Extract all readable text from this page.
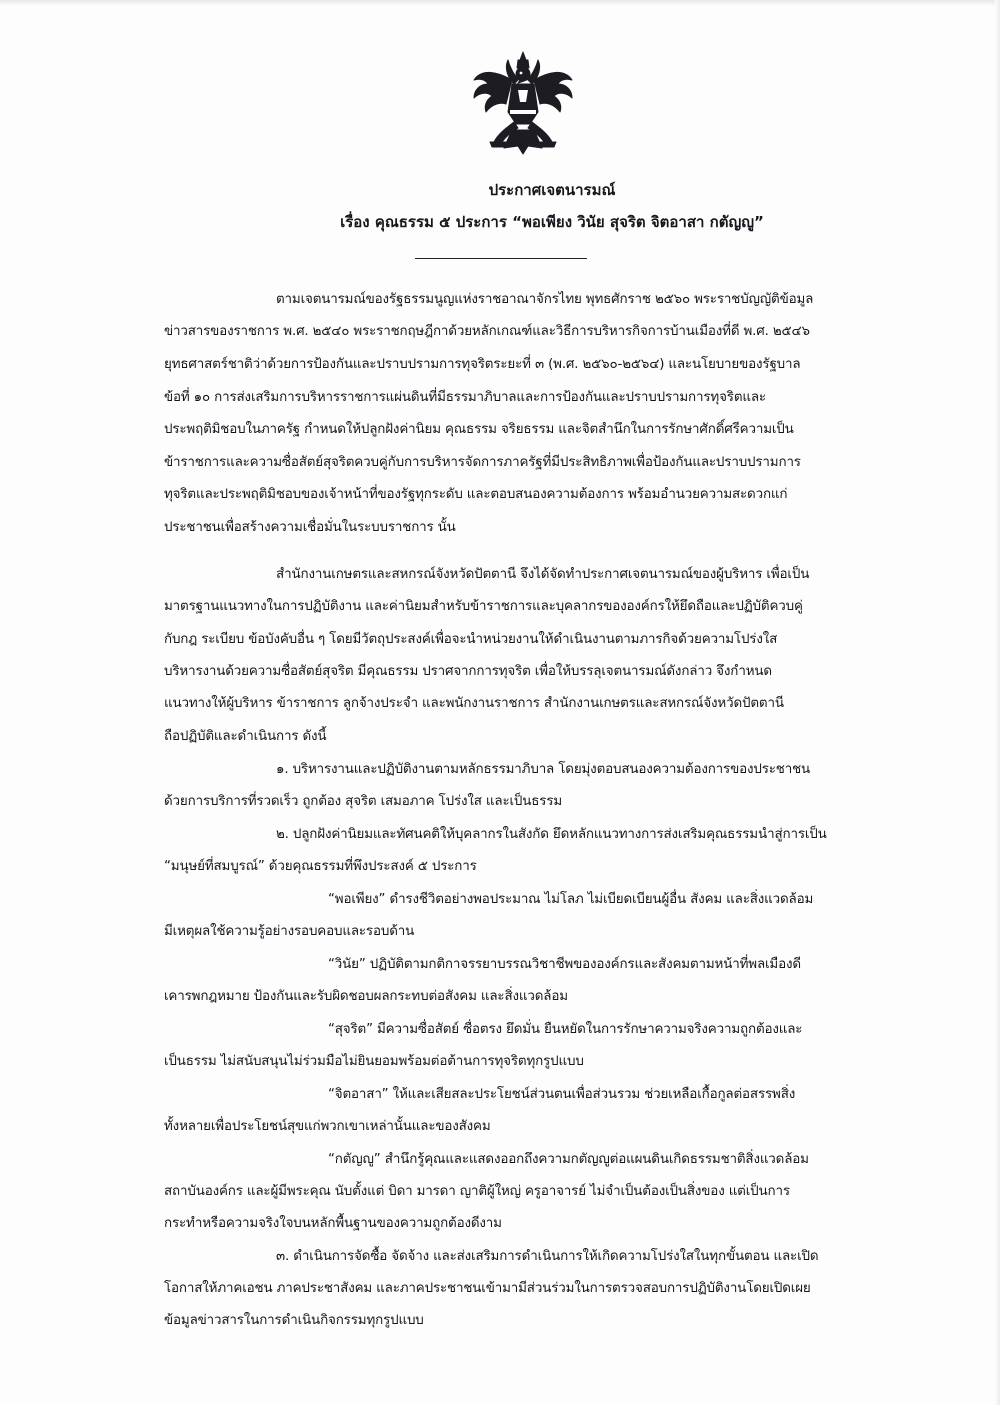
ประกาศเจตนารมณ์
เรื่อง คุณธรรม ๕ ประการ “พอเพียง วินัย สุจริต จิตอาสา กตัญญู”
ตามเจตนารมณ์ของรัฐธรรมนูญแห่งราชอาณาจักรไทย พุทธศักราช ๒๕๖๐ พระราชบัญญัติข้อมูล
ข่าวสารของราชการ พ.ศ. ๒๕๔๐ พระราชกฤษฎีกาด้วยหลักเกณฑ์และวิธีการบริหารกิจการบ้านเมืองที่ดี พ.ศ. ๒๕๔๖
ยุทธศาสตร์ชาติว่าด้วยการป้องกันและปราบปรามการทุจริตระยะที่ ๓ (พ.ศ. ๒๕๖๐-๒๕๖๔) และนโยบายของรัฐบาล
ข้อที่ ๑๐ การส่งเสริมการบริหารราชการแผ่นดินที่มีธรรมาภิบาลและการป้องกันและปราบปรามการทุจริตและ
ประพฤติมิชอบในภาครัฐ กำหนดให้ปลูกฝังค่านิยม คุณธรรม จริยธรรม และจิตสำนึกในการรักษาศักดิ์ศรีความเป็น
ข้าราชการและความซื่อสัตย์สุจริตควบคู่กับการบริหารจัดการภาครัฐที่มีประสิทธิภาพเพื่อป้องกันและปราบปรามการ
ทุจริตและประพฤติมิชอบของเจ้าหน้าที่ของรัฐทุกระดับ และตอบสนองความต้องการ พร้อมอำนวยความสะดวกแก่
ประชาชนเพื่อสร้างความเชื่อมั่นในระบบราชการ นั้น
สำนักงานเกษตรและสหกรณ์จังหวัดปัตตานี จึงได้จัดทำประกาศเจตนารมณ์ของผู้บริหาร เพื่อเป็น
มาตรฐานแนวทางในการปฏิบัติงาน และค่านิยมสำหรับข้าราชการและบุคลากรขององค์กรให้ยึดถือและปฏิบัติควบคู่
กับกฎ ระเบียบ ข้อบังคับอื่น ๆ โดยมีวัตถุประสงค์เพื่อจะนำหน่วยงานให้ดำเนินงานตามภารกิจด้วยความโปร่งใส
บริหารงานด้วยความซื่อสัตย์สุจริต มีคุณธรรม ปราศจากการทุจริต เพื่อให้บรรลุเจตนารมณ์ดังกล่าว จึงกำหนด
แนวทางให้ผู้บริหาร ข้าราชการ ลูกจ้างประจำ และพนักงานราชการ สำนักงานเกษตรและสหกรณ์จังหวัดปัตตานี
ถือปฏิบัติและดำเนินการ ดังนี้
๑. บริหารงานและปฏิบัติงานตามหลักธรรมาภิบาล โดยมุ่งตอบสนองความต้องการของประชาชน
ด้วยการบริการที่รวดเร็ว ถูกต้อง สุจริต เสมอภาค โปร่งใส และเป็นธรรม
๒. ปลูกฝังค่านิยมและทัศนคติให้บุคลากรในสังกัด ยึดหลักแนวทางการส่งเสริมคุณธรรมนำสู่การเป็น
“มนุษย์ที่สมบูรณ์” ด้วยคุณธรรมที่พึงประสงค์ ๕ ประการ
“พอเพียง” ดำรงชีวิตอย่างพอประมาณ ไม่โลภ ไม่เบียดเบียนผู้อื่น สังคม และสิ่งแวดล้อม
มีเหตุผลใช้ความรู้อย่างรอบคอบและรอบด้าน
“วินัย” ปฏิบัติตามกติกาจรรยาบรรณวิชาชีพขององค์กรและสังคมตามหน้าที่พลเมืองดี
เคารพกฎหมาย ป้องกันและรับผิดชอบผลกระทบต่อสังคม และสิ่งแวดล้อม
“สุจริต” มีความซื่อสัตย์ ซื่อตรง ยึดมั่น ยืนหยัดในการรักษาความจริงความถูกต้องและ
เป็นธรรม ไม่สนับสนุนไม่ร่วมมือไม่ยินยอมพร้อมต่อต้านการทุจริตทุกรูปแบบ
“จิตอาสา” ให้และเสียสละประโยชน์ส่วนตนเพื่อส่วนรวม ช่วยเหลือเกื้อกูลต่อสรรพสิ่ง
ทั้งหลายเพื่อประโยชน์สุขแก่พวกเขาเหล่านั้นและของสังคม
“กตัญญู” สำนึกรู้คุณและแสดงออกถึงความกตัญญูต่อแผนดินเกิดธรรมชาติสิ่งแวดล้อม
สถาบันองค์กร และผู้มีพระคุณ นับตั้งแต่ บิดา มารดา ญาติผู้ใหญ่ ครูอาจารย์ ไม่จำเป็นต้องเป็นสิ่งของ แต่เป็นการ
กระทำหรือความจริงใจบนหลักพื้นฐานของความถูกต้องดีงาม
๓. ดำเนินการจัดซื้อ จัดจ้าง และส่งเสริมการดำเนินการให้เกิดความโปร่งใสในทุกขั้นตอน และเปิด
โอกาสให้ภาคเอชน ภาคประชาสังคม และภาคประชาชนเข้ามามีส่วนร่วมในการตรวจสอบการปฏิบัติงานโดยเปิดเผย
ข้อมูลข่าวสารในการดำเนินกิจกรรมทุกรูปแบบ
